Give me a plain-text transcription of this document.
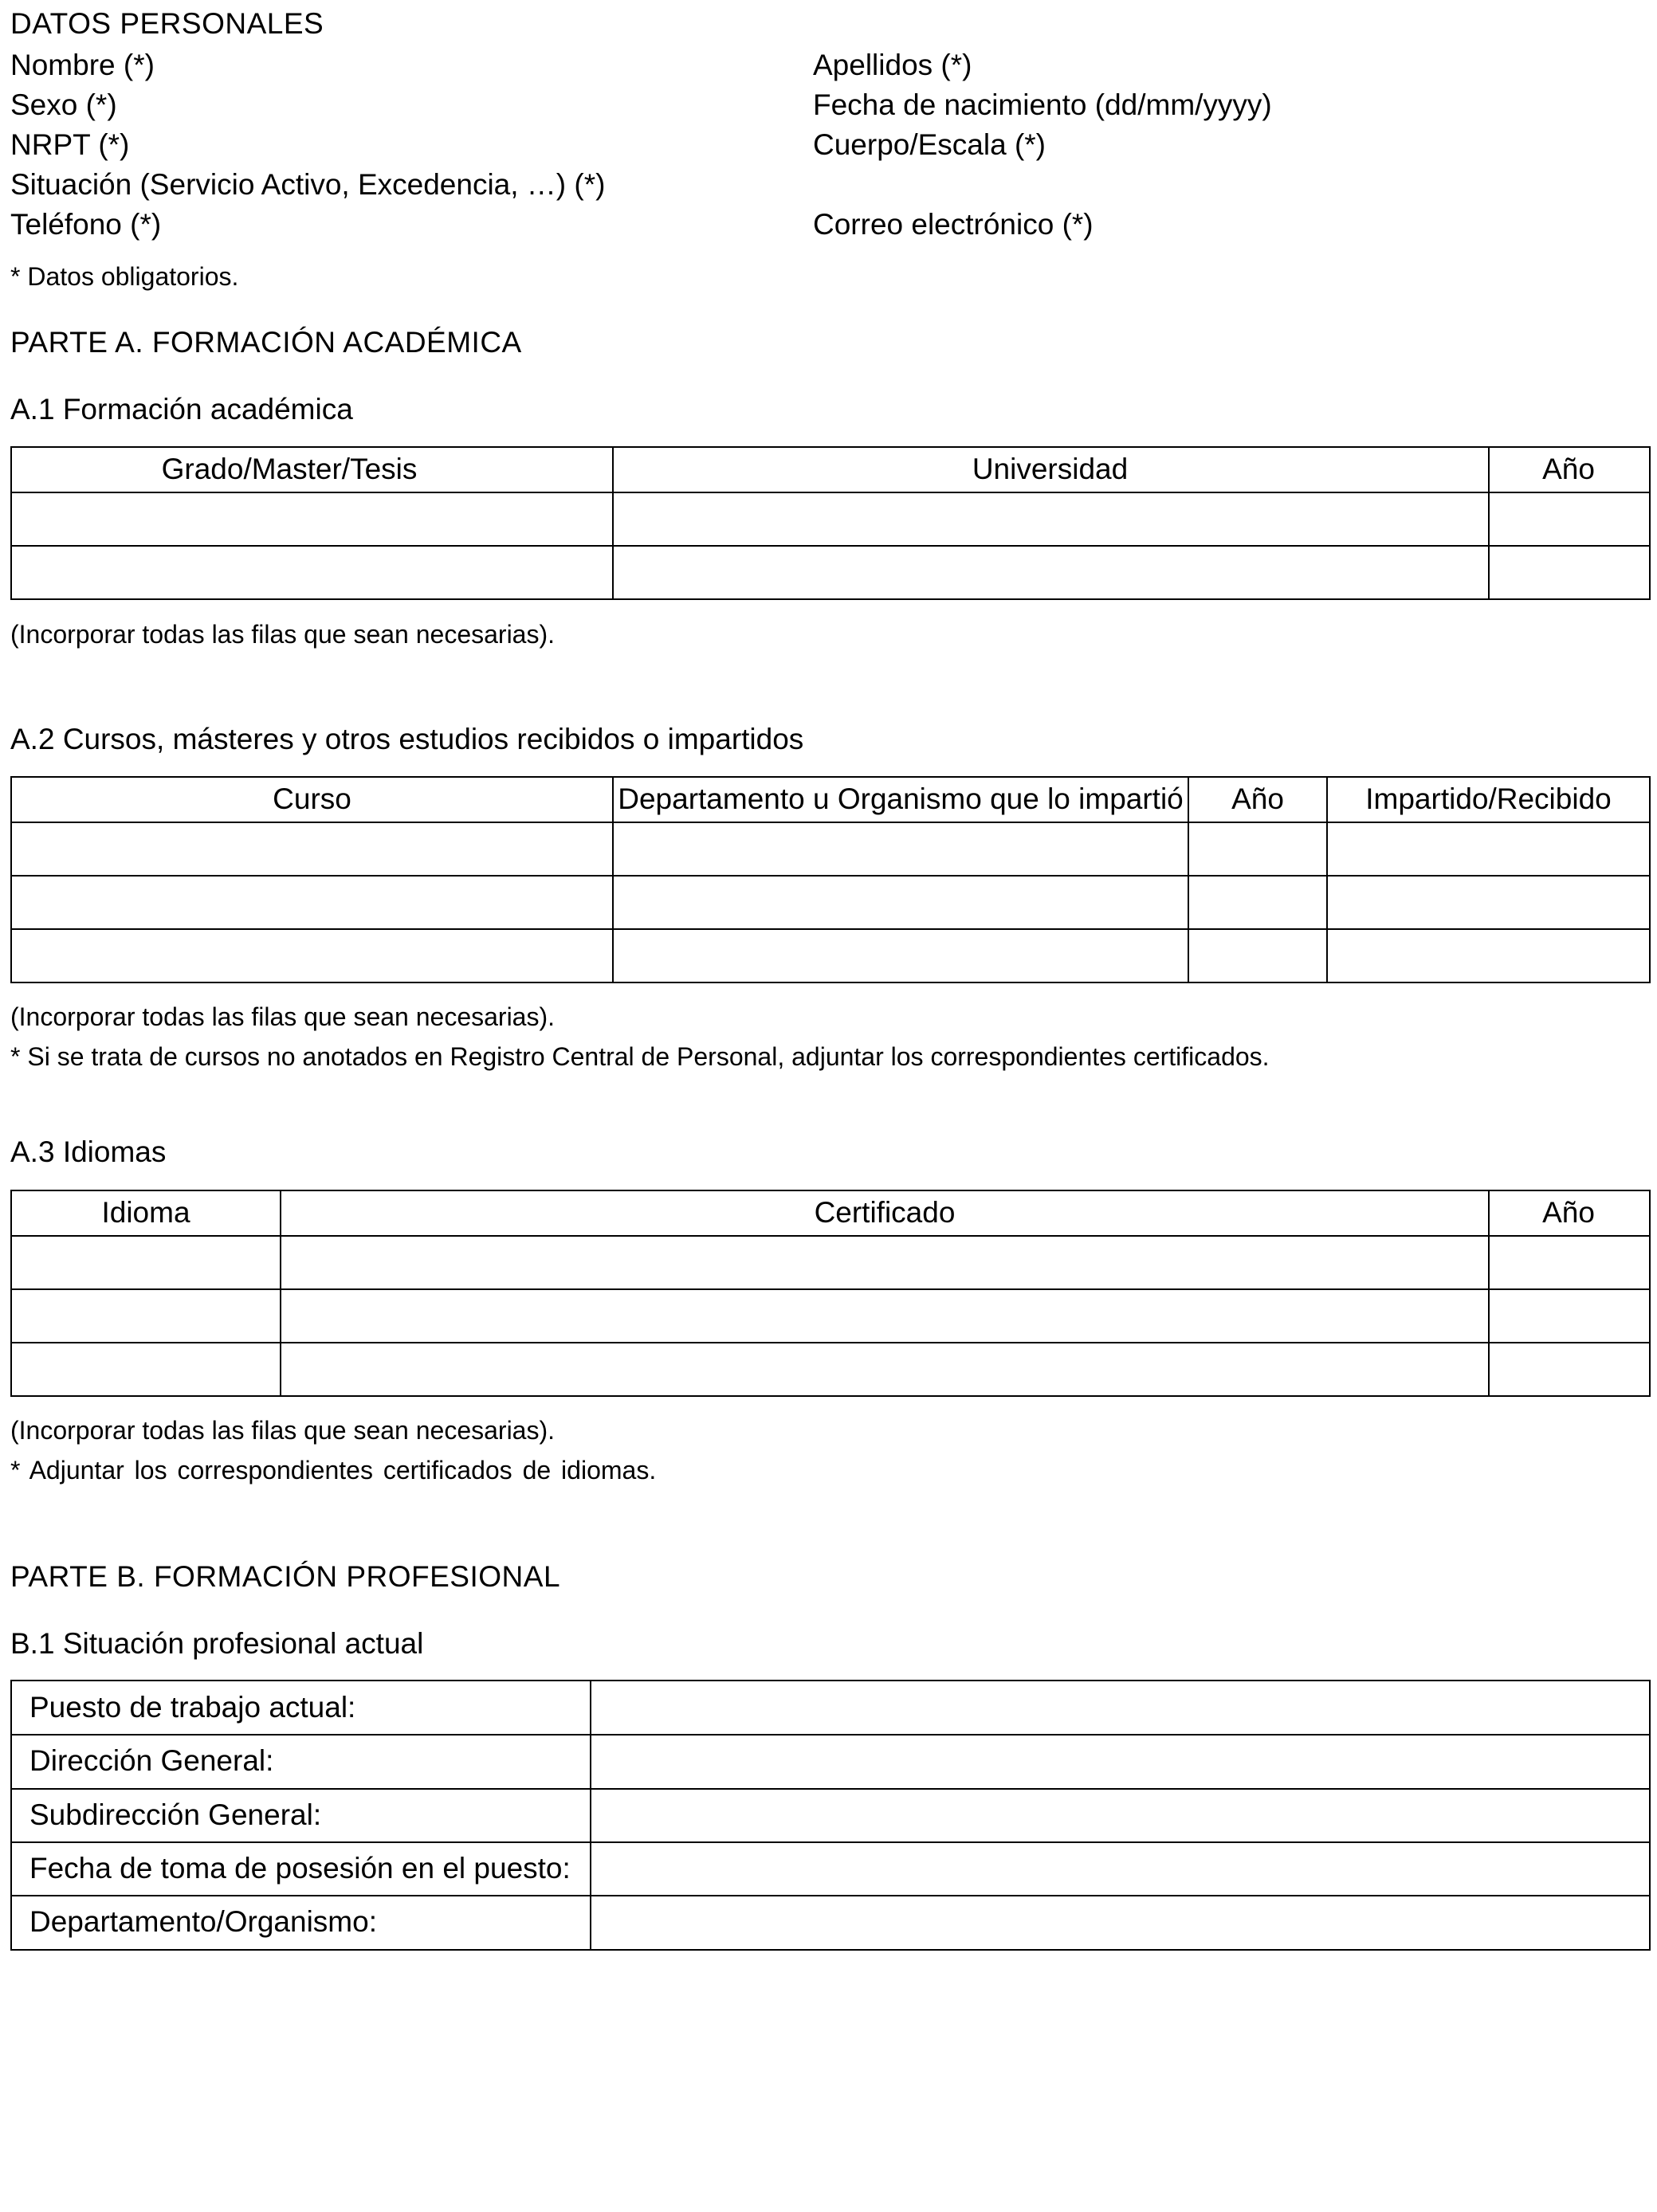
DATOS PERSONALES
Nombre (*)	Apellidos (*)
Sexo (*)	Fecha de nacimiento (dd/mm/yyyy)
NRPT (*)	Cuerpo/Escala (*)
Situación (Servicio Activo, Excedencia, …) (*)
Teléfono (*)	Correo electrónico (*)
* Datos obligatorios.
PARTE A. FORMACIÓN ACADÉMICA
A.1 Formación académica
Grado/Master/Tesis	Universidad	Año
(Incorporar todas las filas que sean necesarias).
A.2 Cursos, másteres y otros estudios recibidos o impartidos
Curso	Departamento u Organismo que lo impartió	Año	Impartido/Recibido
(Incorporar todas las filas que sean necesarias).
* Si se trata de cursos no anotados en Registro Central de Personal, adjuntar los correspondientes certificados.
A.3 Idiomas
Idioma	Certificado	Año
(Incorporar todas las filas que sean necesarias).
* Adjuntar los correspondientes certificados de idiomas.
PARTE B. FORMACIÓN PROFESIONAL
B.1 Situación profesional actual
Puesto de trabajo actual:
Dirección General:
Subdirección General:
Fecha de toma de posesión en el puesto:
Departamento/Organismo:
